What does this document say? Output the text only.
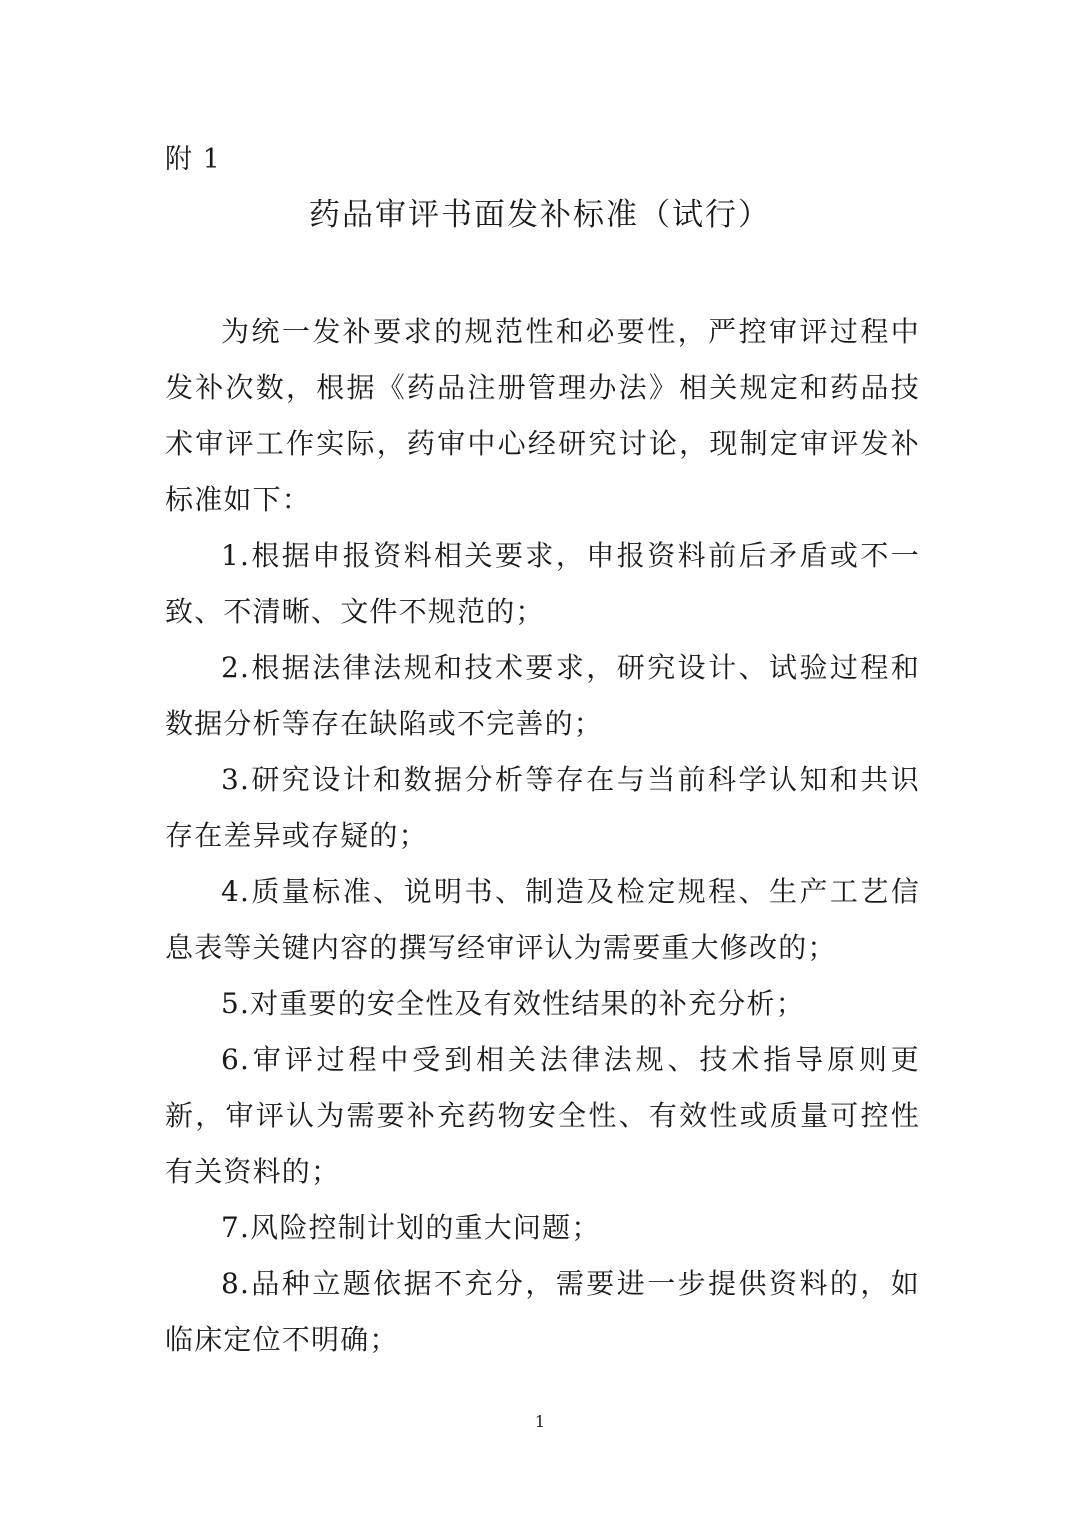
附 1
药品审评书面发补标准（试行）

为统一发补要求的规范性和必要性，严控审评过程中发补次数，根据《药品注册管理办法》相关规定和药品技术审评工作实际，药审中心经研究讨论，现制定审评发补标准如下：

1.根据申报资料相关要求，申报资料前后矛盾或不一致、不清晰、文件不规范的；

2.根据法律法规和技术要求，研究设计、试验过程和数据分析等存在缺陷或不完善的；

3.研究设计和数据分析等存在与当前科学认知和共识存在差异或存疑的；

4.质量标准、说明书、制造及检定规程、生产工艺信息表等关键内容的撰写经审评认为需要重大修改的；

5.对重要的安全性及有效性结果的补充分析；

6.审评过程中受到相关法律法规、技术指导原则更新，审评认为需要补充药物安全性、有效性或质量可控性有关资料的；

7.风险控制计划的重大问题；

8.品种立题依据不充分，需要进一步提供资料的，如临床定位不明确；

1
